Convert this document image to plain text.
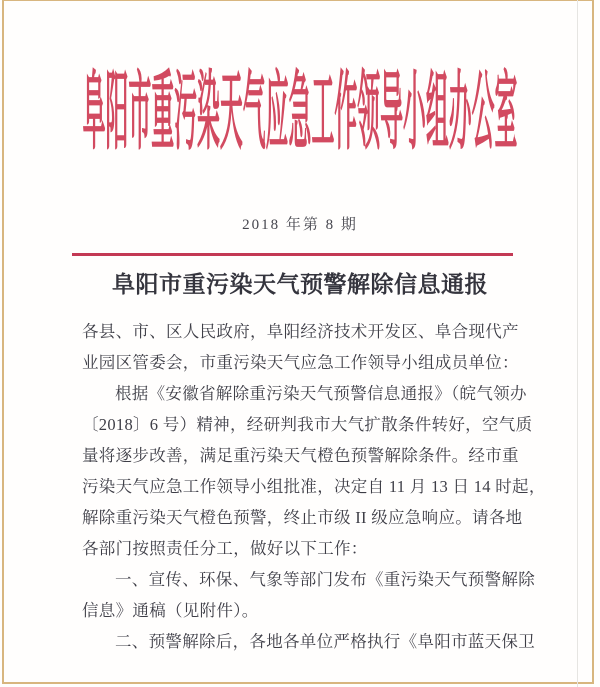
阜阳市重污染天气应急工作领导小组办公室
2018 年第 8 期
阜阳市重污染天气预警解除信息通报
各县、市、区人民政府，阜阳经济技术开发区、阜合现代产
业园区管委会，市重污染天气应急工作领导小组成员单位：
根据《安徽省解除重污染天气预警信息通报》（皖气领办
〔2018〕6 号）精神，经研判我市大气扩散条件转好，空气质
量将逐步改善，满足重污染天气橙色预警解除条件。经市重
污染天气应急工作领导小组批准，决定自 11 月 13 日 14 时起，
解除重污染天气橙色预警，终止市级 II 级应急响应。请各地
各部门按照责任分工，做好以下工作：
一、宣传、环保、气象等部门发布《重污染天气预警解除
信息》通稿（见附件）。
二、预警解除后，各地各单位严格执行《阜阳市蓝天保卫
